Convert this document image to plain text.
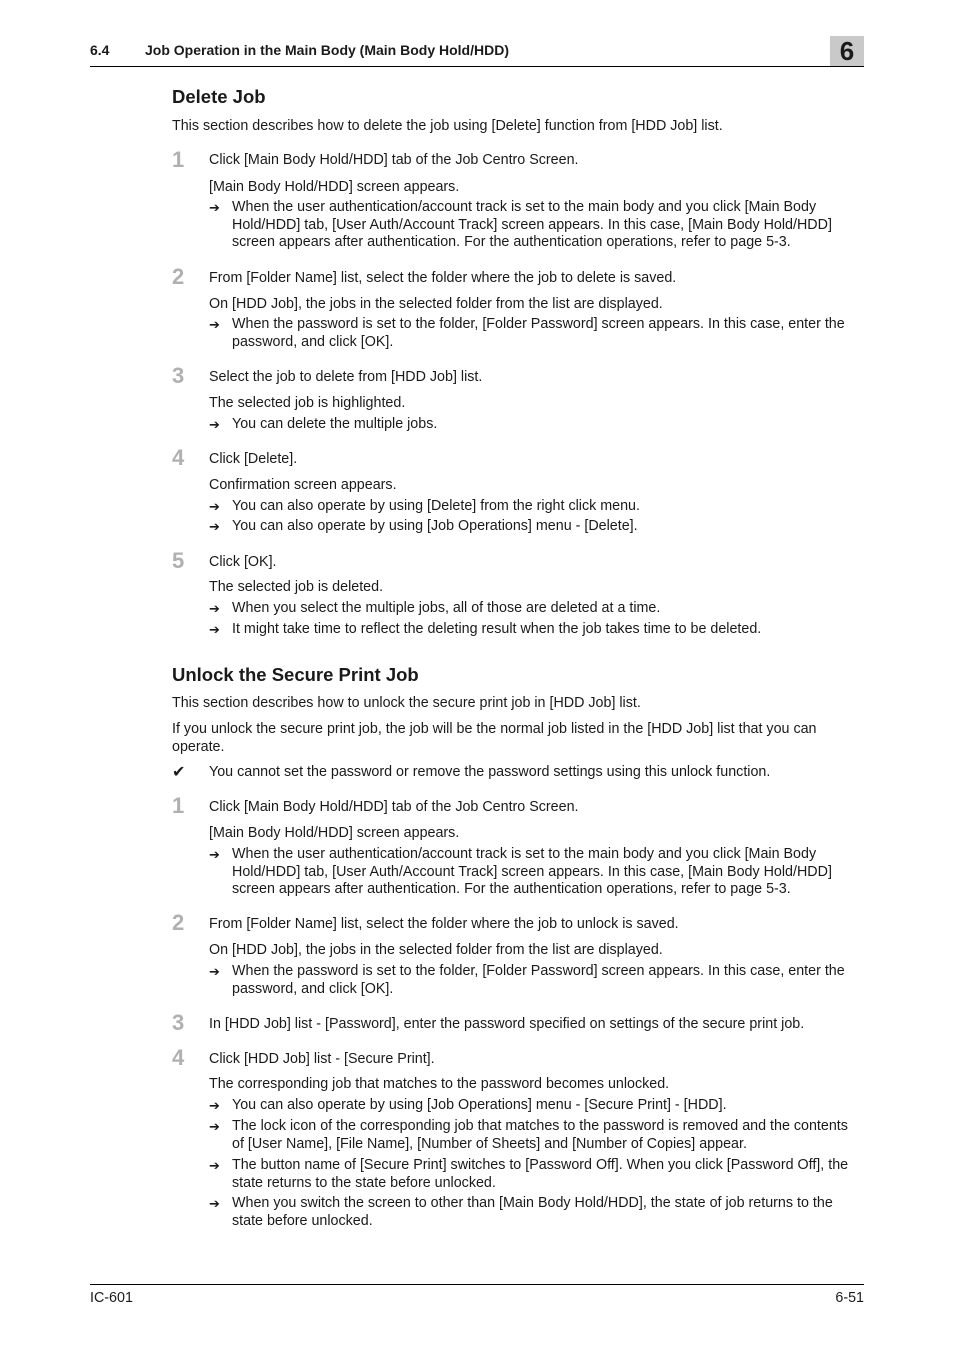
6.4	Job Operation in the Main Body (Main Body Hold/HDD)	6
Delete Job

This section describes how to delete the job using [Delete] function from [HDD Job] list.

1 Click [Main Body Hold/HDD] tab of the Job Centro Screen.

[Main Body Hold/HDD] screen appears.

➔ When the user authentication/account track is set to the main body and you click [Main Body Hold/HDD] tab, [User Auth/Account Track] screen appears. In this case, [Main Body Hold/HDD] screen appears after authentication. For the authentication operations, refer to page 5-3.

2 From [Folder Name] list, select the folder where the job to delete is saved.

On [HDD Job], the jobs in the selected folder from the list are displayed.

➔ When the password is set to the folder, [Folder Password] screen appears. In this case, enter the password, and click [OK].

3 Select the job to delete from [HDD Job] list.

The selected job is highlighted.

➔ You can delete the multiple jobs.

4 Click [Delete].

Confirmation screen appears.

➔ You can also operate by using [Delete] from the right click menu.

➔ You can also operate by using [Job Operations] menu - [Delete].

5 Click [OK].

The selected job is deleted.

➔ When you select the multiple jobs, all of those are deleted at a time.

➔ It might take time to reflect the deleting result when the job takes time to be deleted.

Unlock the Secure Print Job

This section describes how to unlock the secure print job in [HDD Job] list.

If you unlock the secure print job, the job will be the normal job listed in the [HDD Job] list that you can operate.

✔ You cannot set the password or remove the password settings using this unlock function.

1 Click [Main Body Hold/HDD] tab of the Job Centro Screen.

[Main Body Hold/HDD] screen appears.

➔ When the user authentication/account track is set to the main body and you click [Main Body Hold/HDD] tab, [User Auth/Account Track] screen appears. In this case, [Main Body Hold/HDD] screen appears after authentication. For the authentication operations, refer to page 5-3.

2 From [Folder Name] list, select the folder where the job to unlock is saved.

On [HDD Job], the jobs in the selected folder from the list are displayed.

➔ When the password is set to the folder, [Folder Password] screen appears. In this case, enter the password, and click [OK].

3 In [HDD Job] list - [Password], enter the password specified on settings of the secure print job.

4 Click [HDD Job] list - [Secure Print].

The corresponding job that matches to the password becomes unlocked.

➔ You can also operate by using [Job Operations] menu - [Secure Print] - [HDD].

➔ The lock icon of the corresponding job that matches to the password is removed and the contents of [User Name], [File Name], [Number of Sheets] and [Number of Copies] appear.

➔ The button name of [Secure Print] switches to [Password Off]. When you click [Password Off], the state returns to the state before unlocked.

➔ When you switch the screen to other than [Main Body Hold/HDD], the state of job returns to the state before unlocked.

IC-601	6-51
